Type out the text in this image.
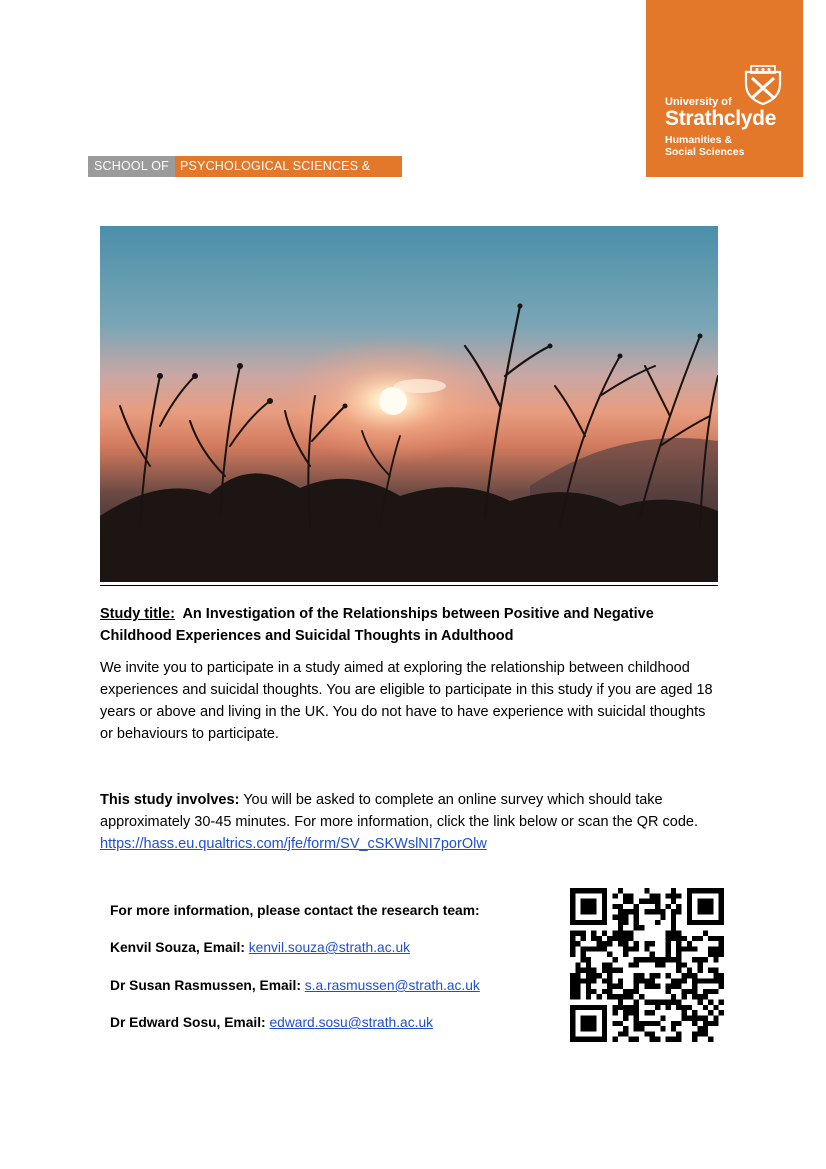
University of
Strathclyde
Humanities &
Social Sciences
SCHOOL OF PSYCHOLOGICAL SCIENCES & HEALTH
Study title: An Investigation of the Relationships between Positive and Negative Childhood Experiences and Suicidal Thoughts in Adulthood
We invite you to participate in a study aimed at exploring the relationship between childhood experiences and suicidal thoughts. You are eligible to participate in this study if you are aged 18 years or above and living in the UK. You do not have to have experience with suicidal thoughts or behaviours to participate.
This study involves: You will be asked to complete an online survey which should take approximately 30-45 minutes. For more information, click the link below or scan the QR code. https://hass.eu.qualtrics.com/jfe/form/SV_cSKWslNI7porOlw
For more information, please contact the research team:
Kenvil Souza, Email: kenvil.souza@strath.ac.uk
Dr Susan Rasmussen, Email: s.a.rasmussen@strath.ac.uk
Dr Edward Sosu, Email: edward.sosu@strath.ac.uk
